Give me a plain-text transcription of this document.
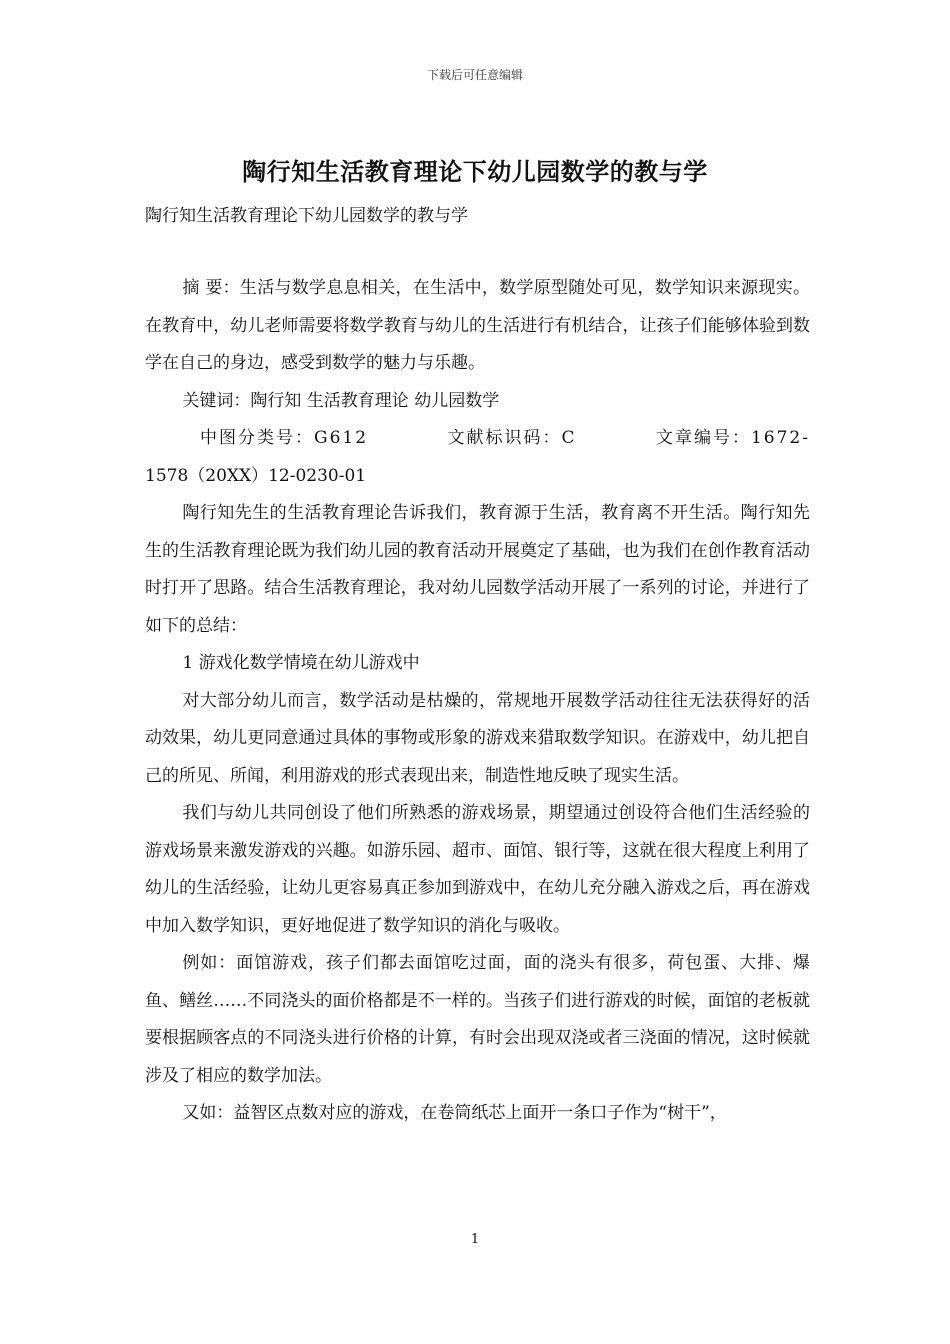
下载后可任意编辑
陶行知生活教育理论下幼儿园数学的教与学
陶行知生活教育理论下幼儿园数学的教与学

摘 要：生活与数学息息相关，在生活中，数学原型随处可见，数学知识来源现实。在教育中，幼儿老师需要将数学教育与幼儿的生活进行有机结合，让孩子们能够体验到数学在自己的身边，感受到数学的魅力与乐趣。

关键词：陶行知 生活教育理论 幼儿园数学

中图分类号：G612	文献标识码：C	文章编号：1672-

1578（20XX）12-0230-01

陶行知先生的生活教育理论告诉我们，教育源于生活，教育离不开生活。陶行知先生的生活教育理论既为我们幼儿园的教育活动开展奠定了基础，也为我们在创作教育活动时打开了思路。结合生活教育理论，我对幼儿园数学活动开展了一系列的讨论，并进行了如下的总结：

1 游戏化数学情境在幼儿游戏中

对大部分幼儿而言，数学活动是枯燥的，常规地开展数学活动往往无法获得好的活动效果，幼儿更同意通过具体的事物或形象的游戏来猎取数学知识。在游戏中，幼儿把自己的所见、所闻，利用游戏的形式表现出来，制造性地反映了现实生活。

我们与幼儿共同创设了他们所熟悉的游戏场景，期望通过创设符合他们生活经验的游戏场景来激发游戏的兴趣。如游乐园、超市、面馆、银行等，这就在很大程度上利用了幼儿的生活经验，让幼儿更容易真正参加到游戏中，在幼儿充分融入游戏之后，再在游戏中加入数学知识，更好地促进了数学知识的消化与吸收。

例如：面馆游戏，孩子们都去面馆吃过面，面的浇头有很多，荷包蛋、大排、爆鱼、鳝丝……不同浇头的面价格都是不一样的。当孩子们进行游戏的时候，面馆的老板就要根据顾客点的不同浇头进行价格的计算，有时会出现双浇或者三浇面的情况，这时候就涉及了相应的数学加法。

又如：益智区点数对应的游戏，在卷筒纸芯上面开一条口子作为“树干”，

1
